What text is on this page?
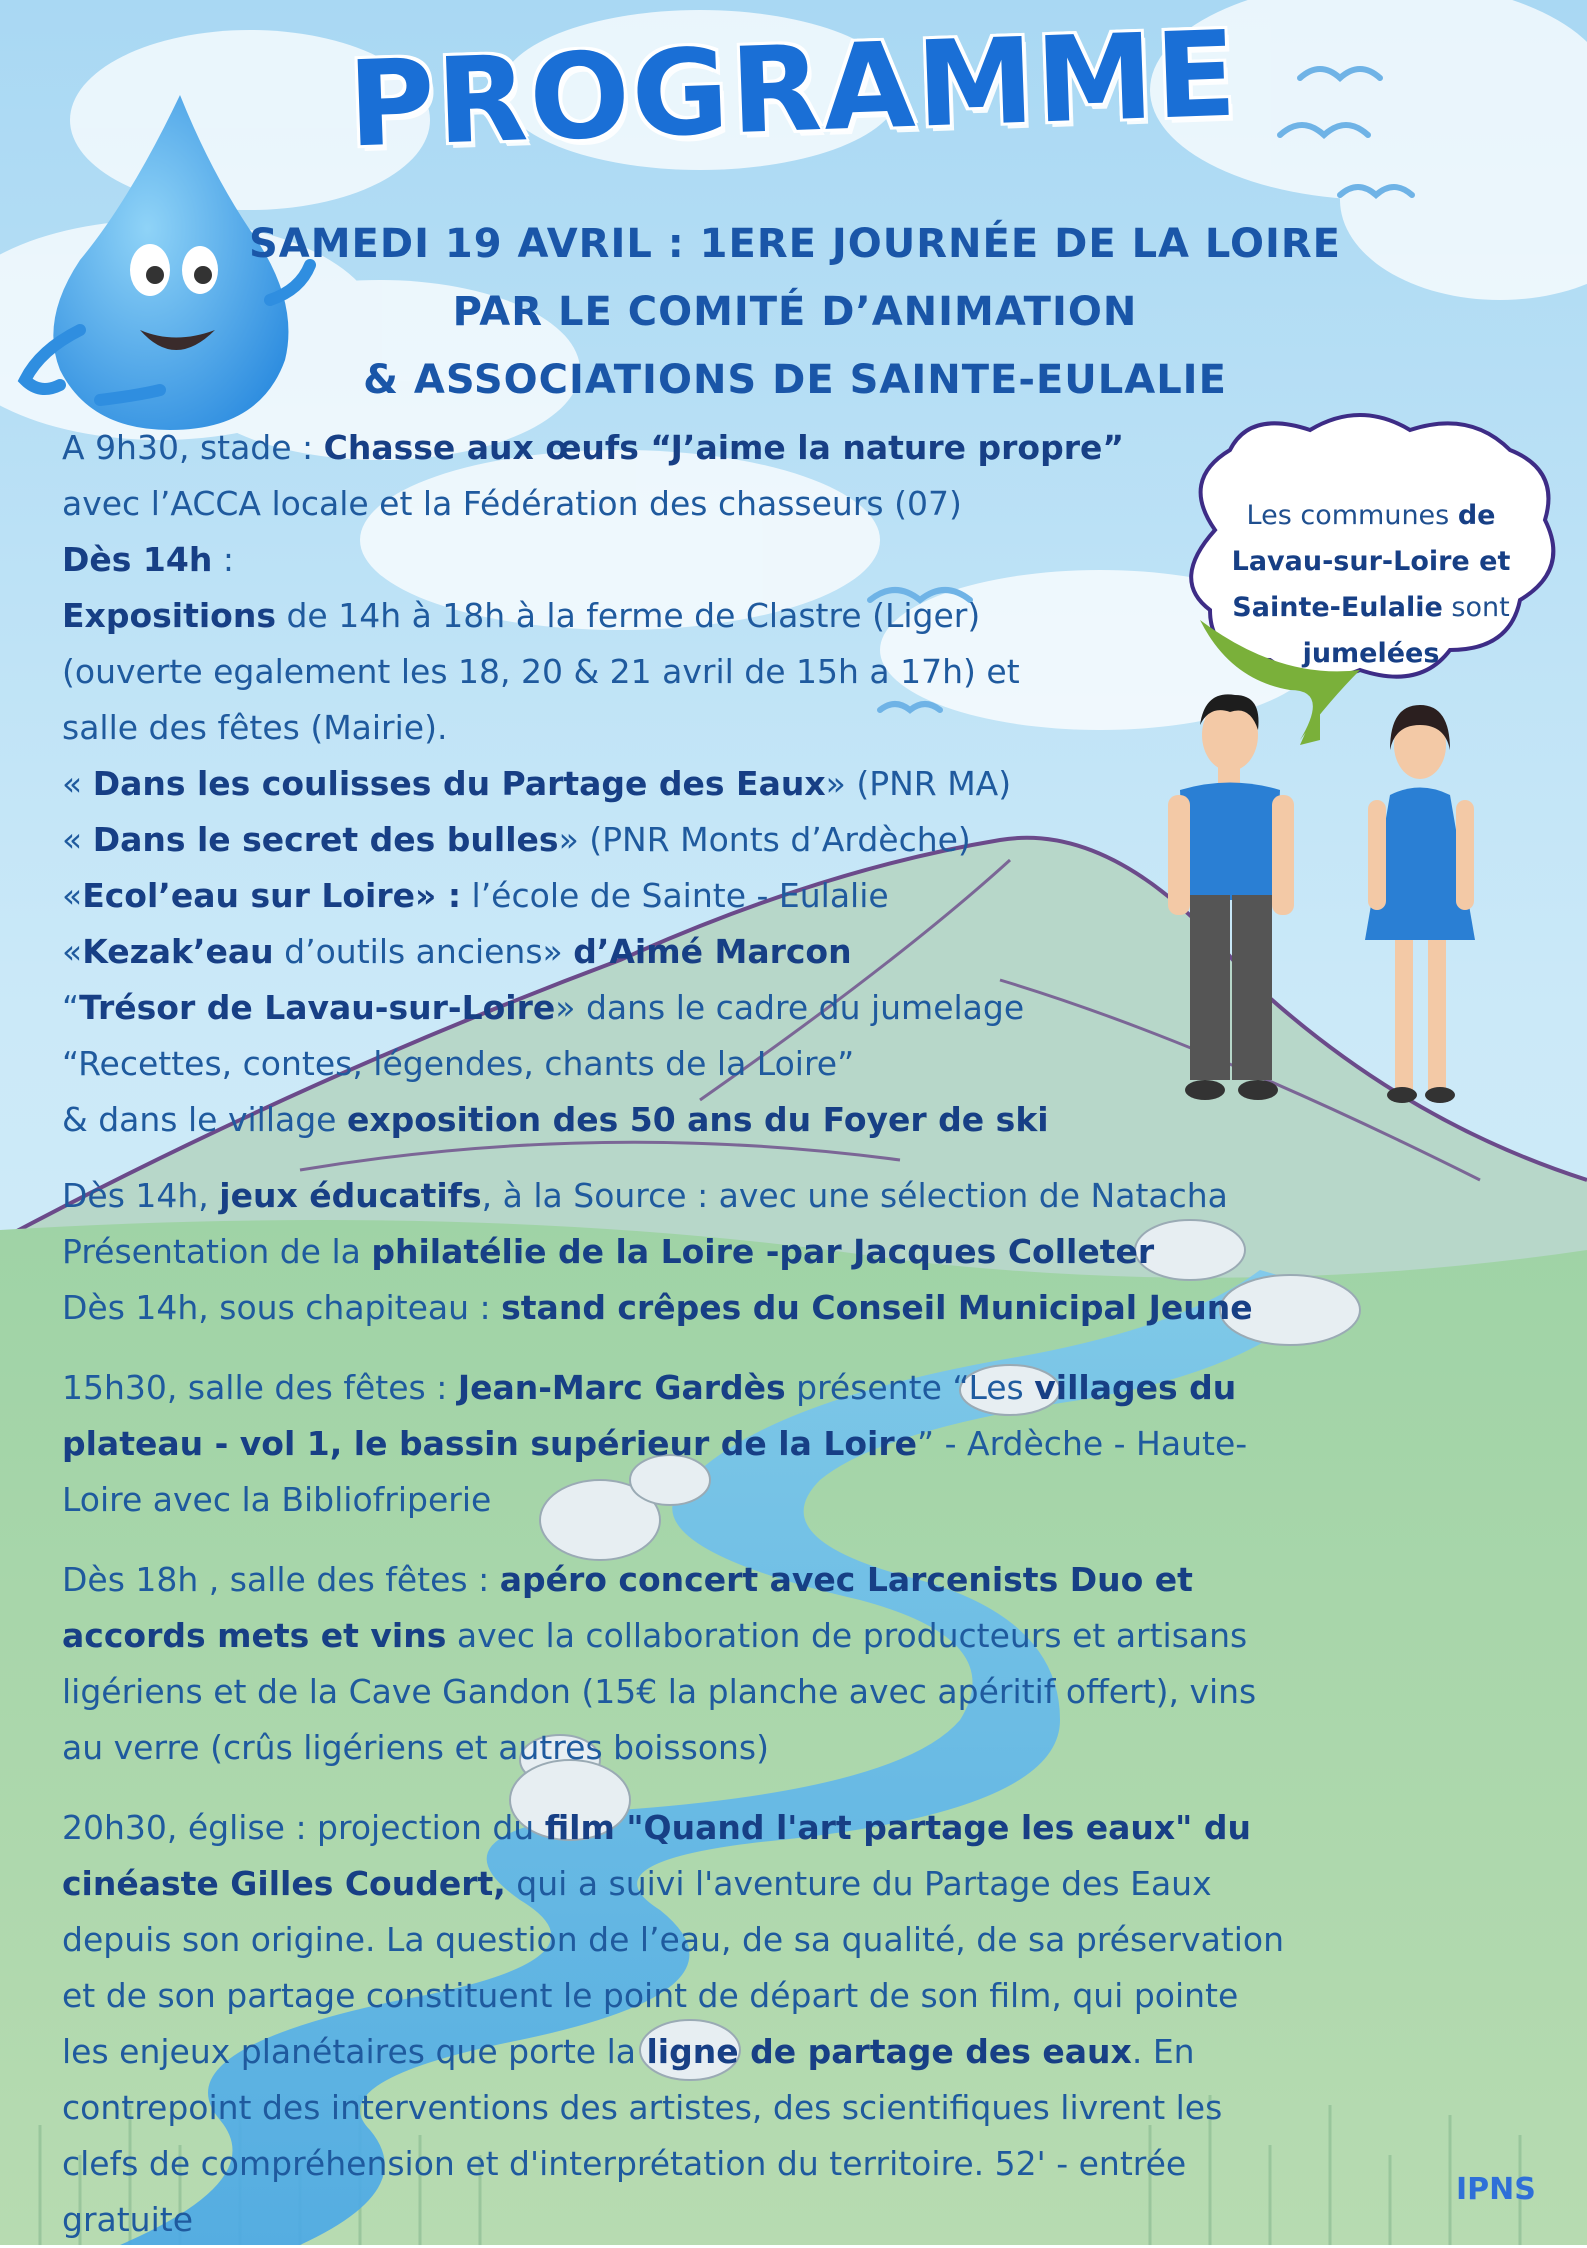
PROGRAMME
SAMEDI 19 AVRIL : 1ERE JOURNÉE DE LA LOIRE
PAR LE COMITÉ D’ANIMATION
& ASSOCIATIONS DE SAINTE-EULALIE

A 9h30, stade : Chasse aux œufs “J’aime la nature propre”

avec l’ACCA locale et la Fédération des chasseurs (07)

Dès 14h :

Expositions de 14h à 18h à la ferme de Clastre (Liger)

(ouverte egalement les 18, 20 & 21 avril de 15h a 17h) et

salle des fêtes (Mairie).

« Dans les coulisses du Partage des Eaux» (PNR MA)

« Dans le secret des bulles» (PNR Monts d’Ardèche)

«Ecol’eau sur Loire» : l’école de Sainte - Eulalie

«Kezak’eau d’outils anciens» d’Aimé Marcon

“Trésor de Lavau-sur-Loire» dans le cadre du jumelage

“Recettes, contes, légendes, chants de la Loire”

& dans le village exposition des 50 ans du Foyer de ski

Dès 14h, jeux éducatifs, à la Source : avec une sélection de Natacha

Présentation de la philatélie de la Loire -par Jacques Colleter

Dès 14h, sous chapiteau : stand crêpes du Conseil Municipal Jeune

15h30, salle des fêtes : Jean-Marc Gardès présente “Les villages du

plateau - vol 1, le bassin supérieur de la Loire” - Ardèche - Haute-

Loire avec la Bibliofriperie

Dès 18h , salle des fêtes : apéro concert avec Larcenists Duo et

accords mets et vins avec la collaboration de producteurs et artisans

ligériens et de la Cave Gandon (15€ la planche avec apéritif offert), vins

au verre (crûs ligériens et autres boissons)

20h30, église : projection du film "Quand l'art partage les eaux" du

cinéaste Gilles Coudert, qui a suivi l'aventure du Partage des Eaux

depuis son origine. La question de l’eau, de sa qualité, de sa préservation

et de son partage constituent le point de départ de son film, qui pointe

les enjeux planétaires que porte la ligne de partage des eaux. En

contrepoint des interventions des artistes, des scientifiques livrent les

clefs de compréhension et d'interprétation du territoire. 52' - entrée

gratuite

Les communes de
Lavau-sur-Loire et
Sainte-Eulalie sont
jumelées
IPNS
